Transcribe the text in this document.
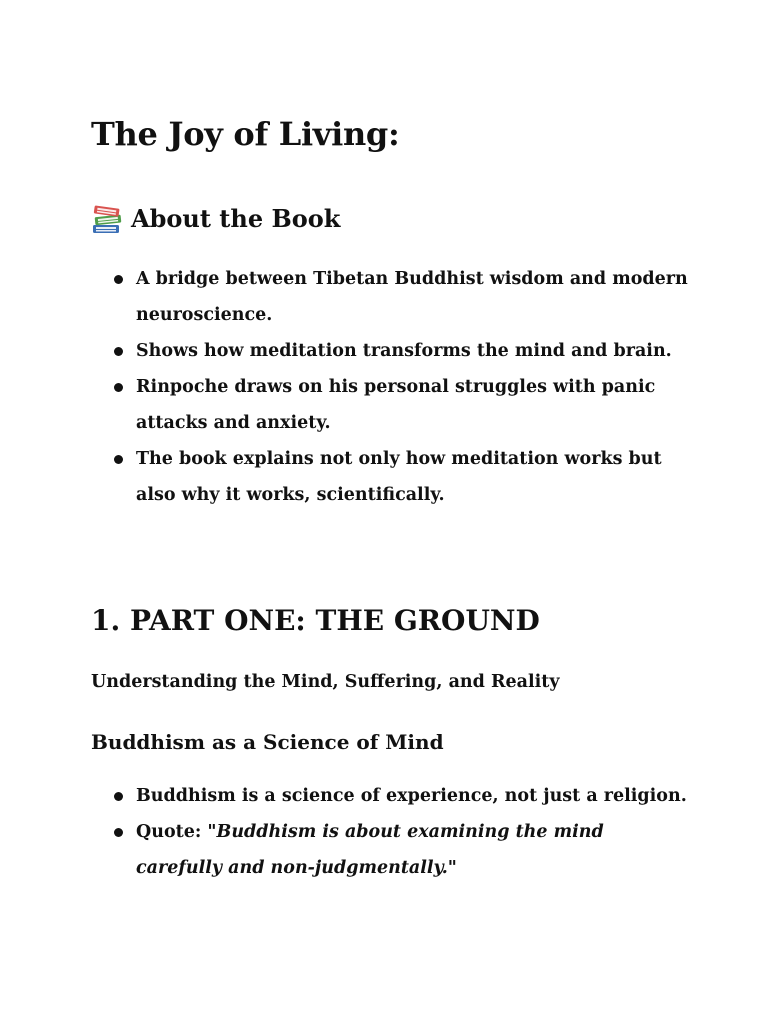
The Joy of Living:
About the Book
A bridge between Tibetan Buddhist wisdom and modern neuroscience.
Shows how meditation transforms the mind and brain.
Rinpoche draws on his personal struggles with panic attacks and anxiety.
The book explains not only how meditation works but also why it works, scientifically.
1. PART ONE: THE GROUND

Understanding the Mind, Suffering, and Reality

Buddhism as a Science of Mind
Buddhism is a science of experience, not just a religion.
Quote: "Buddhism is about examining the mind carefully and non-judgmentally."
